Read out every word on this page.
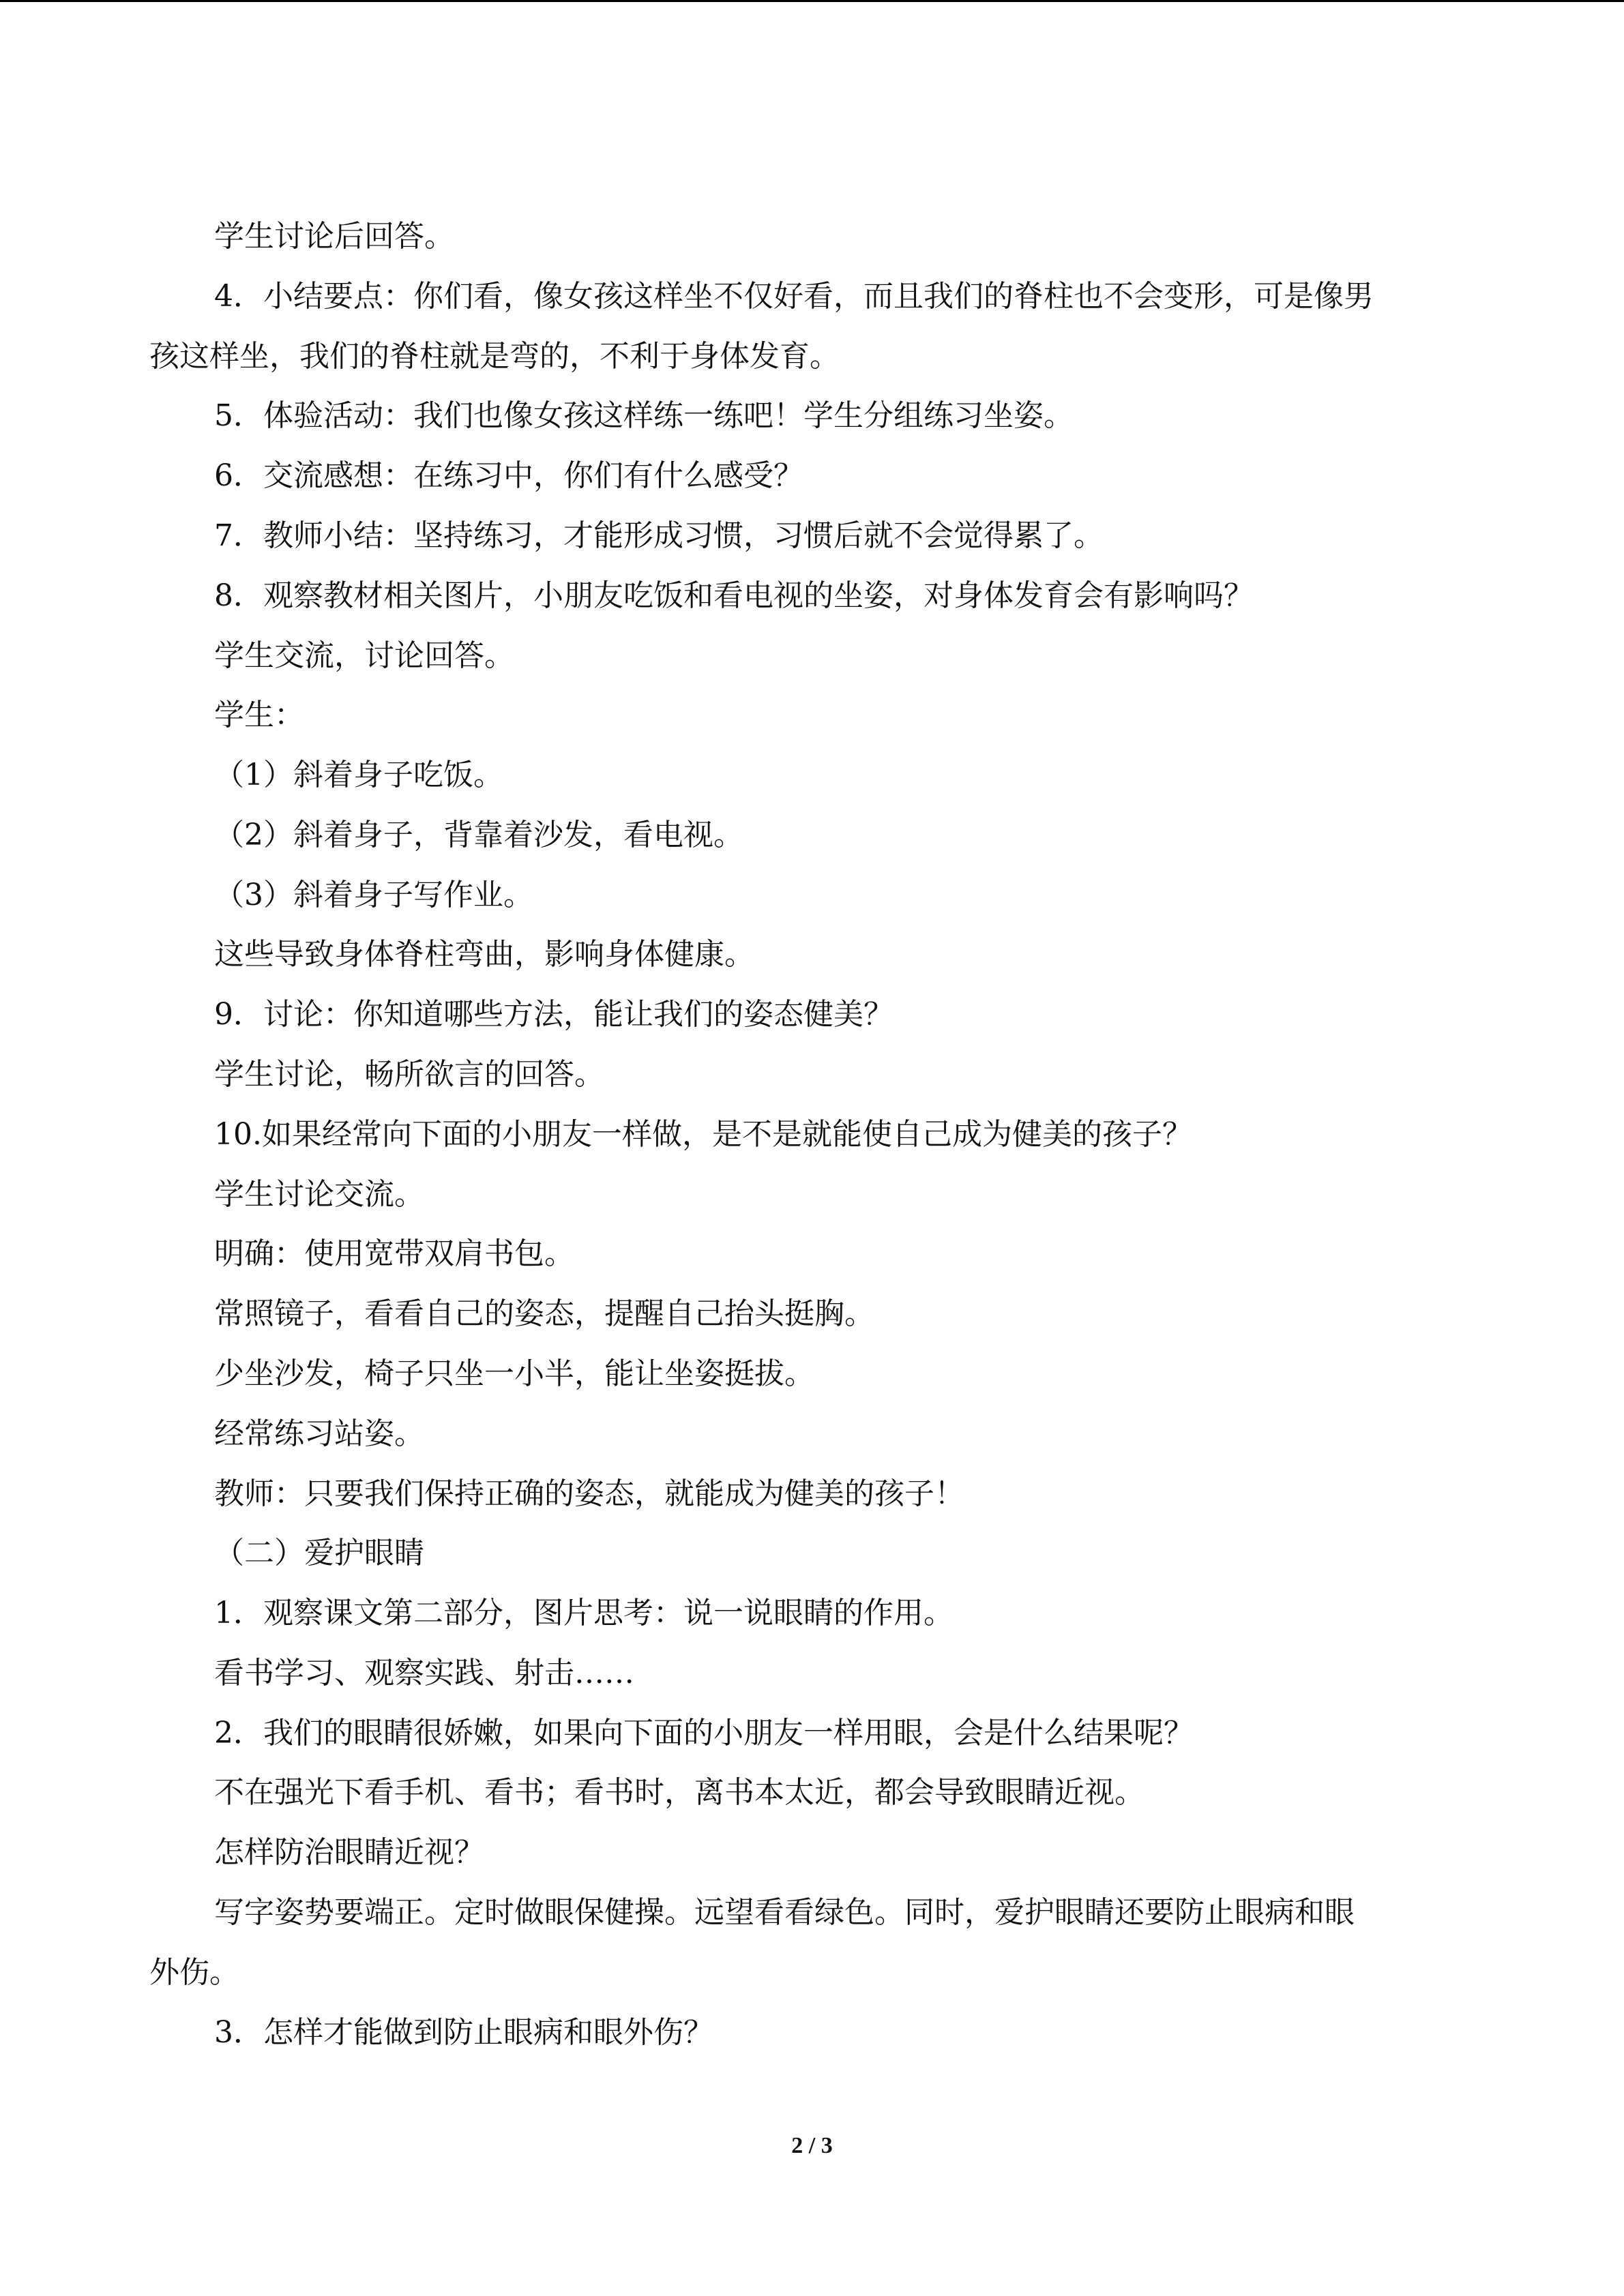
学生讨论后回答。
4．小结要点：你们看，像女孩这样坐不仅好看，而且我们的脊柱也不会变形，可是像男
孩这样坐，我们的脊柱就是弯的，不利于身体发育。
5．体验活动：我们也像女孩这样练一练吧！学生分组练习坐姿。
6．交流感想：在练习中，你们有什么感受？
7．教师小结：坚持练习，才能形成习惯，习惯后就不会觉得累了。
8．观察教材相关图片，小朋友吃饭和看电视的坐姿，对身体发育会有影响吗？
学生交流，讨论回答。
学生：
（1）斜着身子吃饭。
（2）斜着身子，背靠着沙发，看电视。
（3）斜着身子写作业。
这些导致身体脊柱弯曲，影响身体健康。
9．讨论：你知道哪些方法，能让我们的姿态健美？
学生讨论，畅所欲言的回答。
10.如果经常向下面的小朋友一样做，是不是就能使自己成为健美的孩子？
学生讨论交流。
明确：使用宽带双肩书包。
常照镜子，看看自己的姿态，提醒自己抬头挺胸。
少坐沙发，椅子只坐一小半，能让坐姿挺拔。
经常练习站姿。
教师：只要我们保持正确的姿态，就能成为健美的孩子！
（二）爱护眼睛
1．观察课文第二部分，图片思考：说一说眼睛的作用。
看书学习、观察实践、射击……
2．我们的眼睛很娇嫩，如果向下面的小朋友一样用眼，会是什么结果呢？
不在强光下看手机、看书；看书时，离书本太近，都会导致眼睛近视。
怎样防治眼睛近视？
写字姿势要端正。定时做眼保健操。远望看看绿色。同时，爱护眼睛还要防止眼病和眼
外伤。
3．怎样才能做到防止眼病和眼外伤？
2 / 3
